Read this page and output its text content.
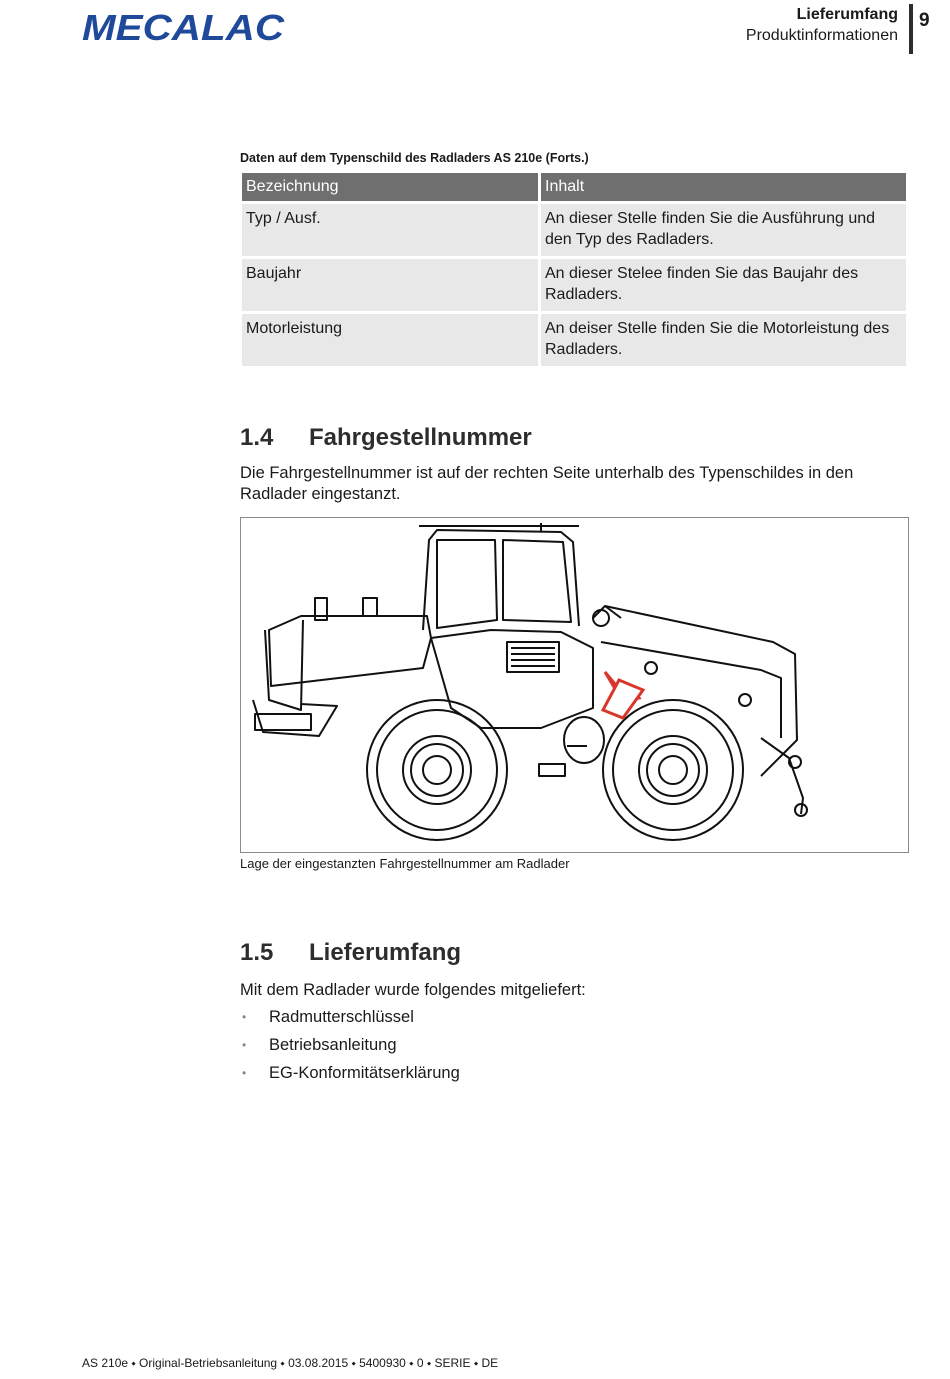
MECALAC	Lieferumfang
Produktinformationen
9
Daten auf dem Typenschild des Radladers AS 210e (Forts.)
Bezeichnung	Inhalt
Typ / Ausf.	An dieser Stelle finden Sie die Ausführung und den Typ des Radladers.
Baujahr	An dieser Stelee finden Sie das Baujahr des Radladers.
Motorleistung	An deiser Stelle finden Sie die Motorleistung des Radladers.
1.4 Fahrgestellnummer

Die Fahrgestellnummer ist auf der rechten Seite unterhalb des Typenschildes in den Radlader eingestanzt.

Lage der eingestanzten Fahrgestellnummer am Radlader
1.5 Lieferumfang

Mit dem Radlader wurde folgendes mitgeliefert:

• Radmutterschlüssel
• Betriebsanleitung
• EG-Konformitätserklärung
AS 210e ⬩ Original-Betriebsanleitung ⬩ 03.08.2015 ⬩ 5400930 ⬩ 0 ⬩ SERIE ⬩ DE
